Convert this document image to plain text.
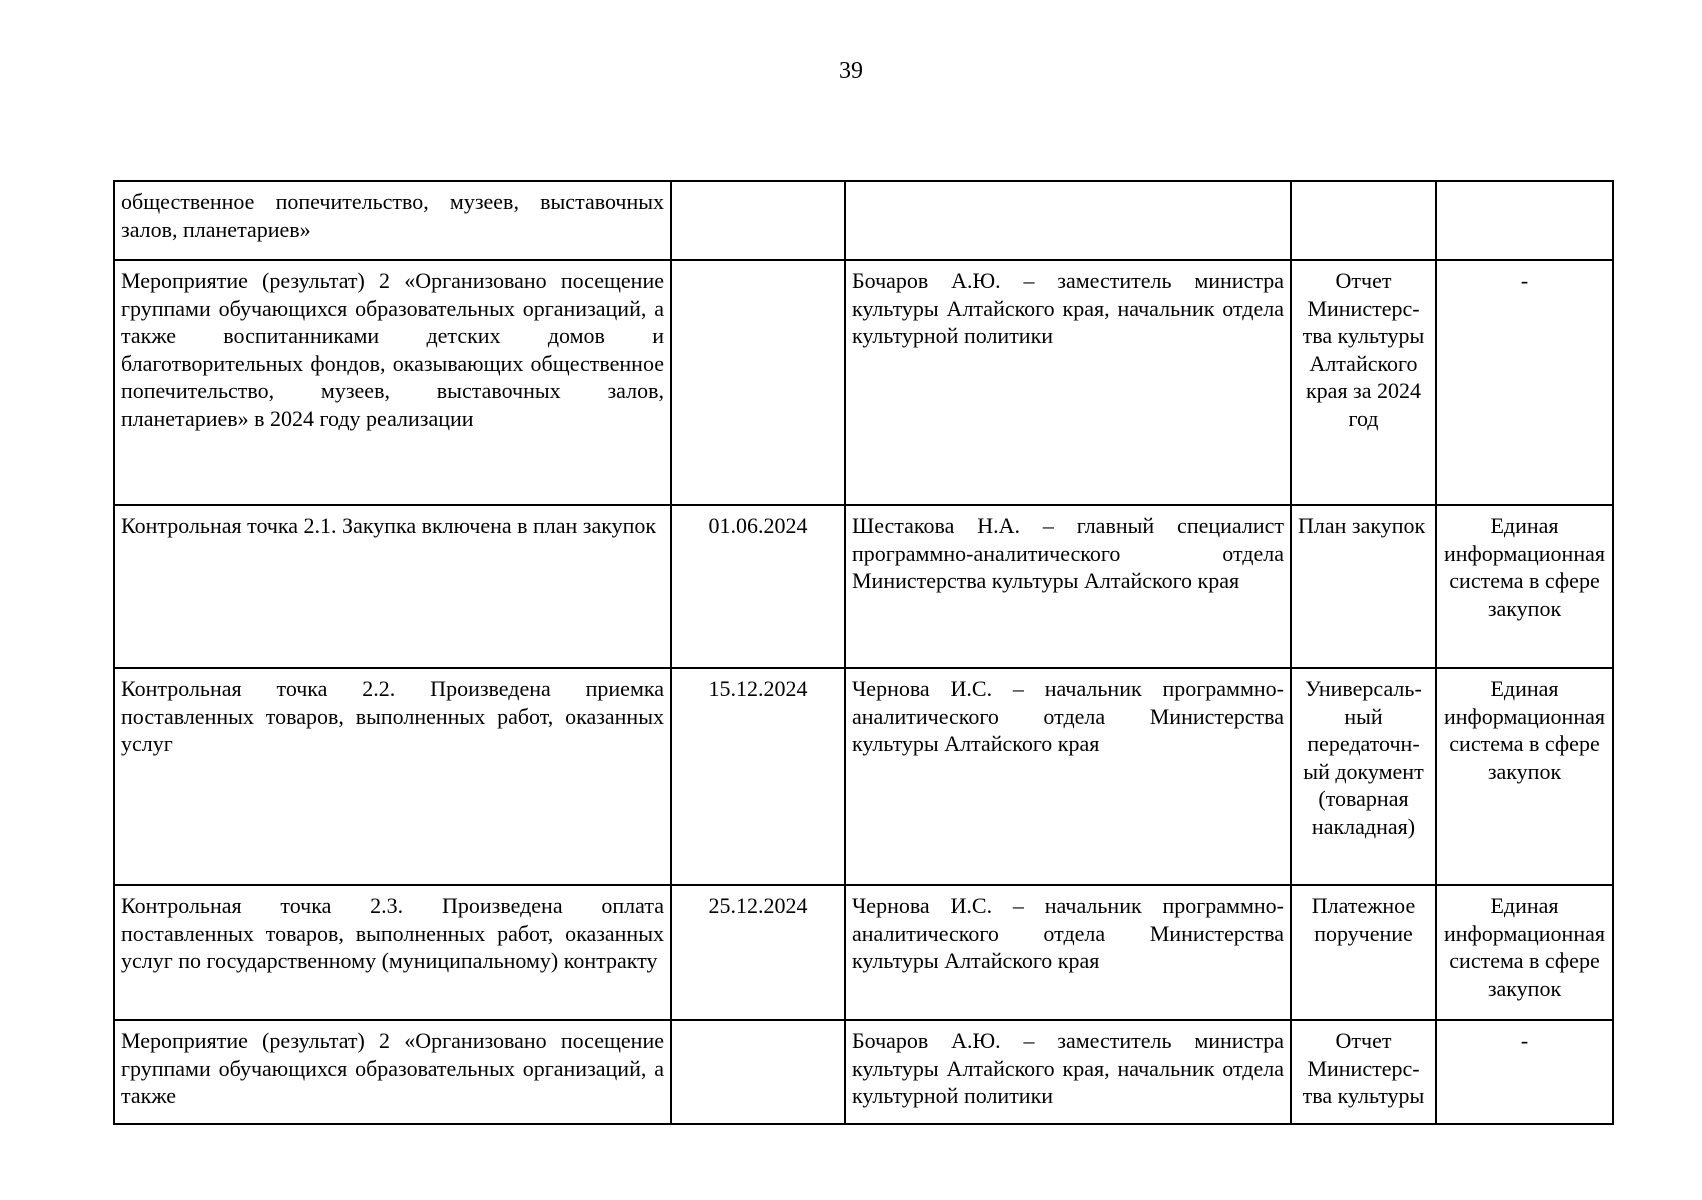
39
общественное попечительство, музеев, выставочных залов, планетариев»				
Мероприятие (результат) 2 «Организовано посещение группами обучающихся образовательных организаций, а также воспитанниками детских домов и благотворительных фондов, оказывающих общественное попечительство, музеев, выставочных залов, планетариев» в 2024 году реализации		Бочаров А.Ю. – заместитель министра культуры Алтайского края, начальник отдела культурной политики	Отчет Министерства культуры Алтайского края за 2024 год	-
Контрольная точка 2.1. Закупка включена в план закупок	01.06.2024	Шестакова Н.А. – главный специалист программно-аналитического отдела Министерства культуры Алтайского края	План закупок	Единая информационная система в сфере закупок
Контрольная точка 2.2. Произведена приемка поставленных товаров, выполненных работ, оказанных услуг	15.12.2024	Чернова И.С. – начальник программно-аналитического отдела Министерства культуры Алтайского края	Универсальный передаточный документ (товарная накладная)	Единая информационная система в сфере закупок
Контрольная точка 2.3. Произведена оплата поставленных товаров, выполненных работ, оказанных услуг по государственному (муниципальному) контракту	25.12.2024	Чернова И.С. – начальник программно-аналитического отдела Министерства культуры Алтайского края	Платежное поручение	Единая информационная система в сфере закупок
Мероприятие (результат) 2 «Организовано посещение группами обучающихся образовательных организаций, а также		Бочаров А.Ю. – заместитель министра культуры Алтайского края, начальник отдела культурной политики	Отчет Министерства культуры	-
